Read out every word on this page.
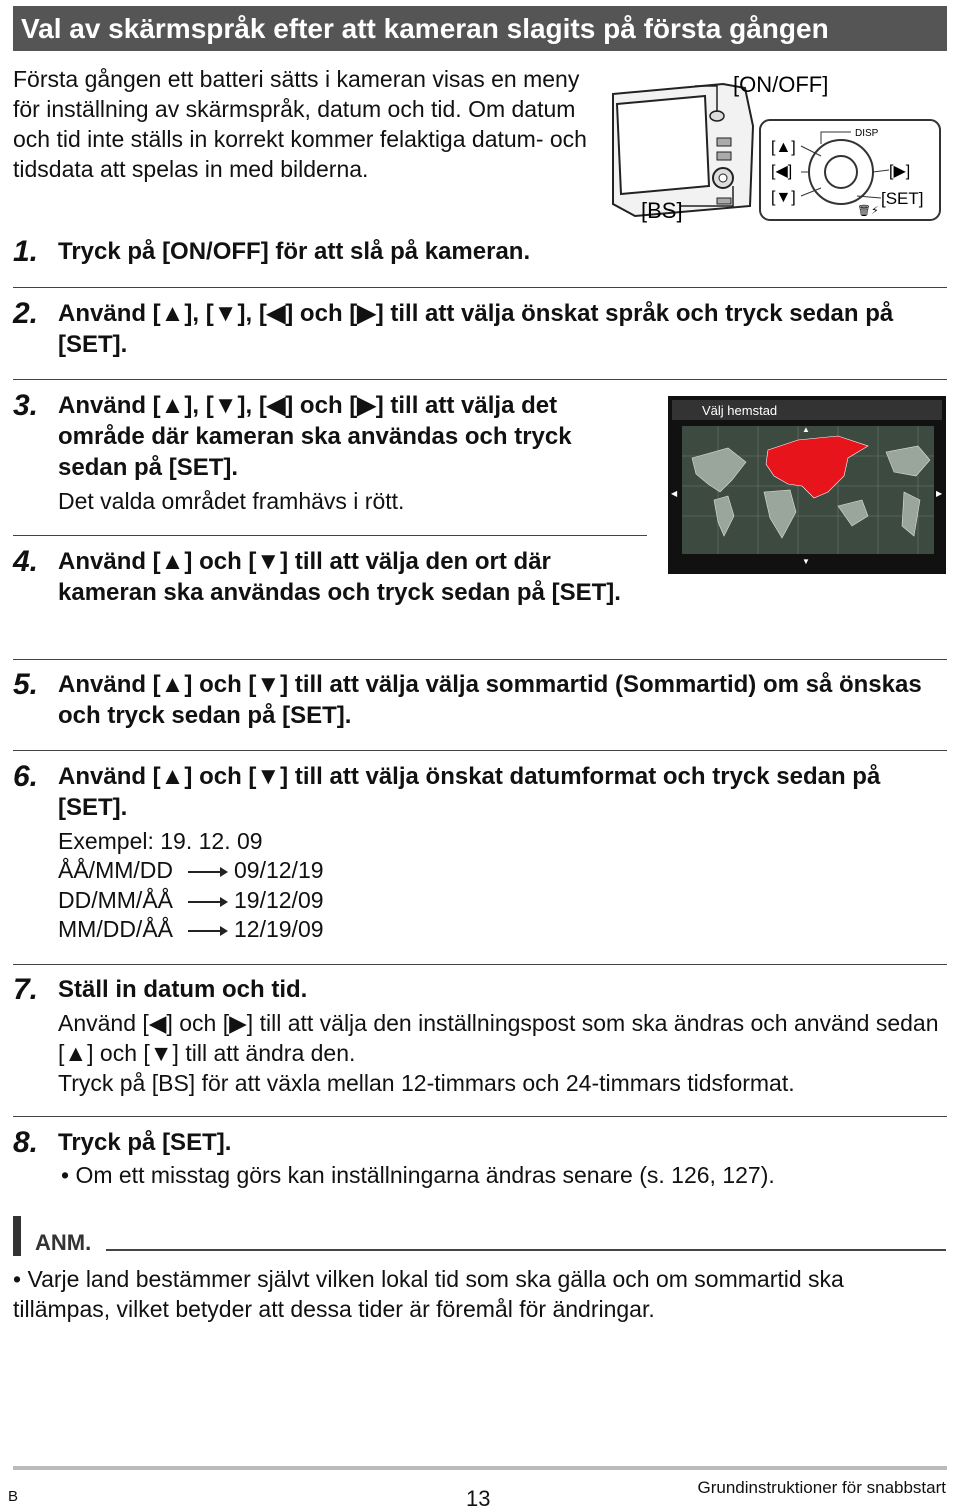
Val av skärmspråk efter att kameran slagits på första gången
Första gången ett batteri sätts i kameran visas en meny för inställning av skärmspråk, datum och tid. Om datum och tid inte ställs in korrekt kommer felaktiga datum- och tidsdata att spelas in med bilderna.
[ON/OFF]
[BS]
DISP
[▲]
[◀]
[▼]
[▶]
[SET]
🗑⚡
1. Tryck på [ON/OFF] för att slå på kameran.
2. Använd [▲], [▼], [◀] och [▶] till att välja önskat språk och tryck sedan på [SET].
3. Använd [▲], [▼], [◀] och [▶] till att välja det område där kameran ska användas och tryck sedan på [SET].
Det valda området framhävs i rött.
Välj hemstad
▲
▼
◀	▶
4. Använd [▲] och [▼] till att välja den ort där kameran ska användas och tryck sedan på [SET].
5. Använd [▲] och [▼] till att välja välja sommartid (Sommartid) om så önskas och tryck sedan på [SET].
6. Använd [▲] och [▼] till att välja önskat datumformat och tryck sedan på [SET].
Exempel: 19. 12. 09
ÅÅ/MM/DD	09/12/19
DD/MM/ÅÅ	19/12/09
MM/DD/ÅÅ	12/19/09
7. Ställ in datum och tid.
Använd [◀] och [▶] till att välja den inställningspost som ska ändras och använd sedan [▲] och [▼] till att ändra den.
Tryck på [BS] för att växla mellan 12-timmars och 24-timmars tidsformat.
8. Tryck på [SET].
• Om ett misstag görs kan inställningarna ändras senare (s. 126, 127).
ANM.
• Varje land bestämmer självt vilken lokal tid som ska gälla och om sommartid ska tillämpas, vilket betyder att dessa tider är föremål för ändringar.
B	13	Grundinstruktioner för snabbstart
